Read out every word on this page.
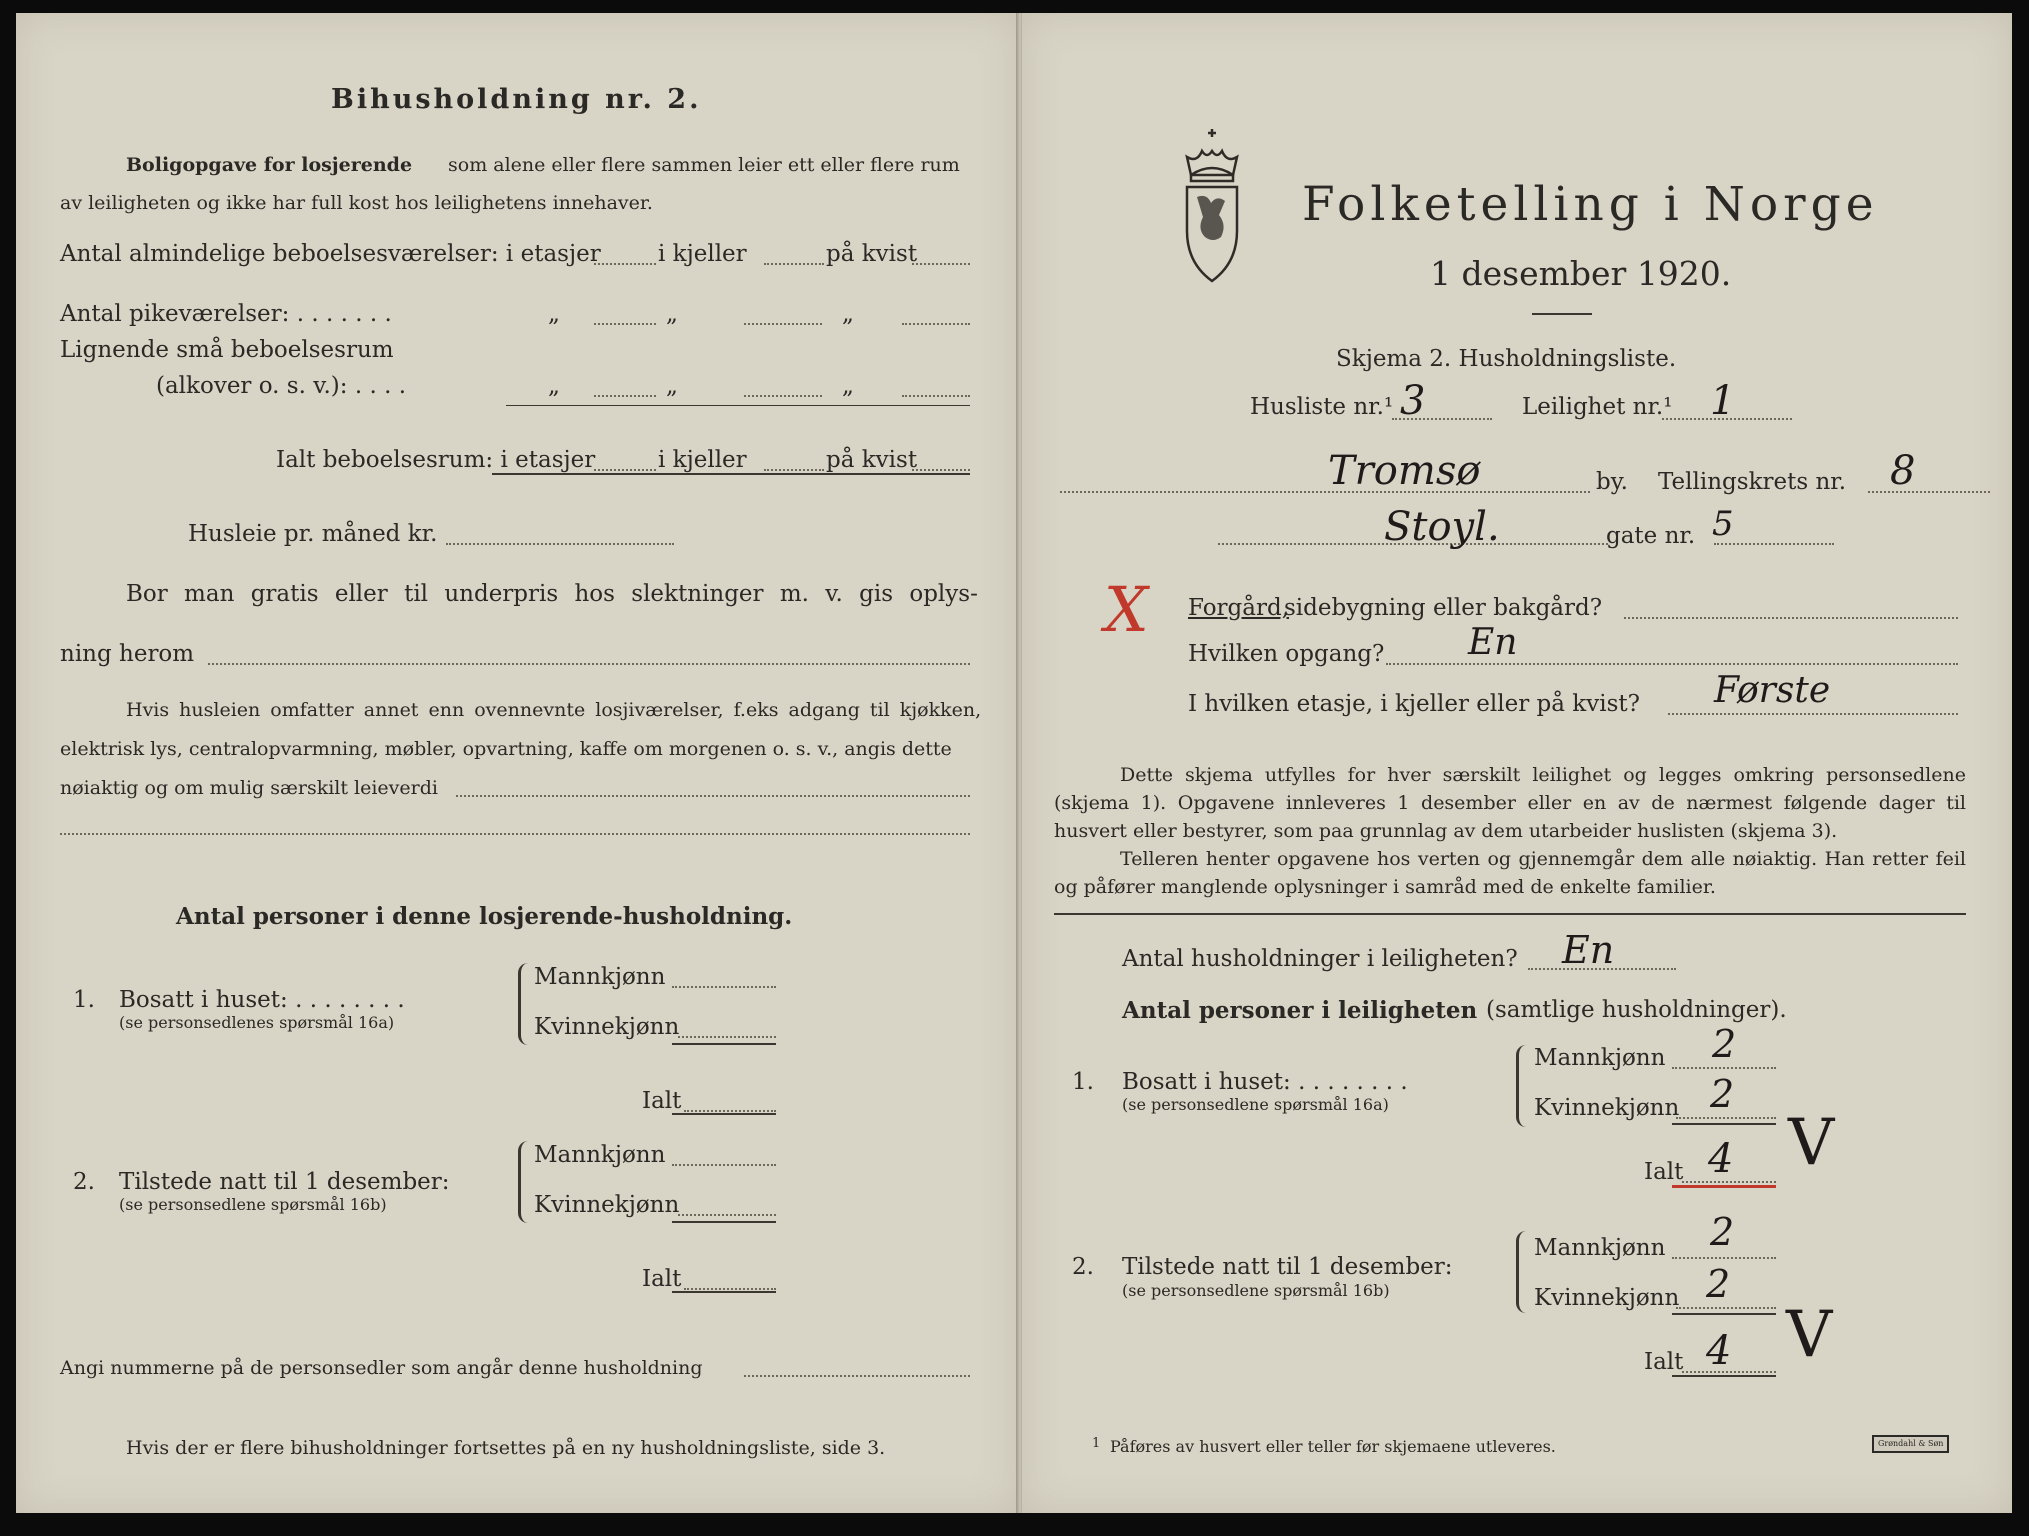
Bihusholdning nr. 2.
Boligopgave for losjerende som alene eller flere sammen leier ett eller flere rum
av leiligheten og ikke har full kost hos leilighetens innehaver.
Antal almindelige beboelsesværelser: i etasjer i kjeller	på kvist
Antal pikeværelser: . . . . . . .	„	„	„
Lignende små beboelsesrum
(alkover o. s. v.): . . . .	„	„	„
Ialt beboelsesrum: i etasjer	i kjeller	på kvist
Husleie pr. måned kr.
Bor man gratis eller til underpris hos slektninger m. v. gis oplys-
ning herom
Hvis husleien omfatter annet enn ovennevnte losjiværelser, f.eks adgang til kjøkken,
elektrisk lys, centralopvarmning, møbler, opvartning, kaffe om morgenen o. s. v., angis dette
nøiaktig og om mulig særskilt leieverdi
Antal personer i denne losjerende-husholdning.
1. Bosatt i huset: . . . . . . . .
(se personsedlenes spørsmål 16a)
Mannkjønn
Kvinnekjønn
Ialt
2. Tilstede natt til 1 desember:
(se personsedlene spørsmål 16b)
Mannkjønn
Kvinnekjønn
Ialt
Angi nummerne på de personsedler som angår denne husholdning
Hvis der er flere bihusholdninger fortsettes på en ny husholdningsliste, side 3.
Folketelling i Norge
1 desember 1920.
Skjema 2. Husholdningsliste.
Husliste nr.¹ 3	Leilighet nr.¹ 1
Tromsø	by. Tellingskrets nr. 8
Stoyl.	gate nr. 5
X Forgård,
sidebygning eller bakgård?
Hvilken opgang? En
I hvilken etasje, i kjeller eller på kvist? Første
Dette skjema utfylles for hver særskilt leilighet og legges omkring personsedlene (skjema 1). Opgavene innleveres 1 desember eller en av de nærmest følgende dager til husvert eller bestyrer, som paa grunnlag av dem utarbeider huslisten (skjema 3).
Telleren henter opgavene hos verten og gjennemgår dem alle nøiaktig. Han retter feil og påfører manglende oplysninger i samråd med de enkelte familier.
Antal husholdninger i leiligheten? En
Antal personer i leiligheten (samtlige husholdninger).
1. Bosatt i huset: . . . . . . . .
(se personsedlene spørsmål 16a)
Mannkjønn 2
Kvinnekjønn 2
Ialt 4 V
2. Tilstede natt til 1 desember:
(se personsedlene spørsmål 16b)
Mannkjønn 2
Kvinnekjønn 2
Ialt 4 V
1 Påføres av husvert eller teller før skjemaene utleveres.	Grøndahl & Søn
